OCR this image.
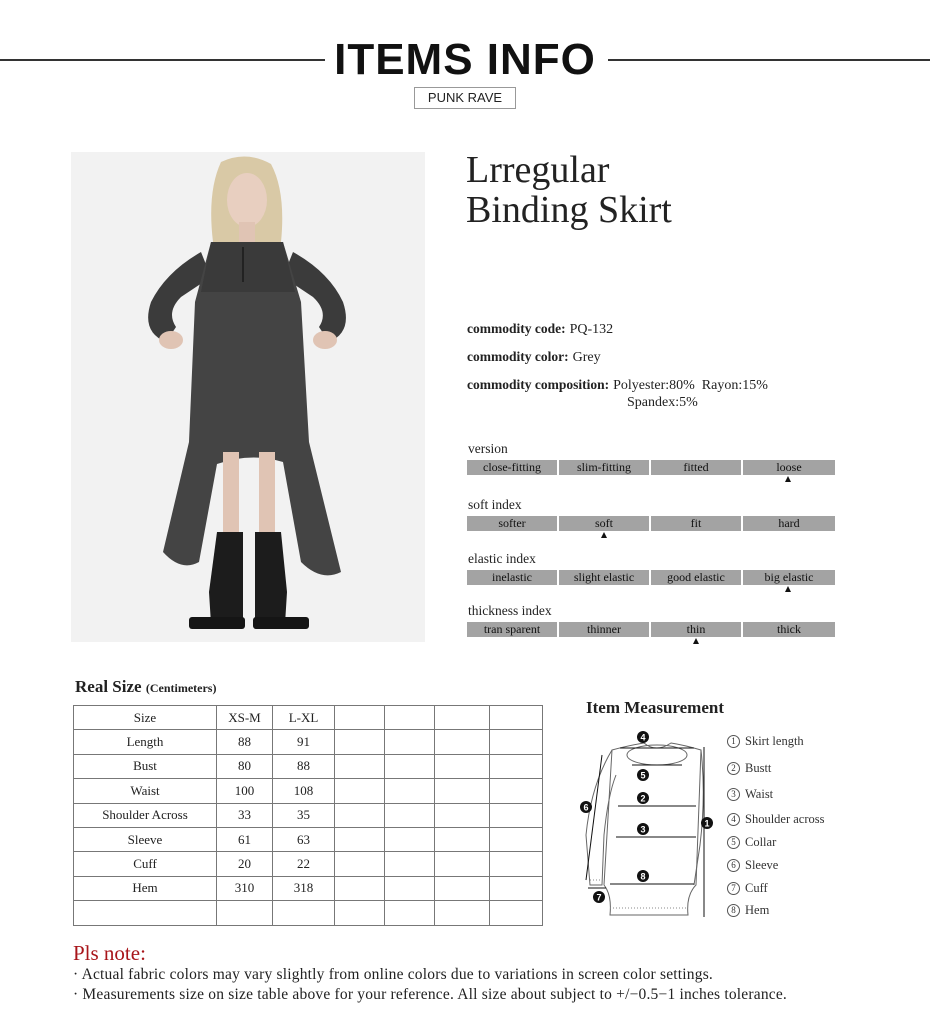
ITEMS INFO
PUNK RAVE
Lrregular
Binding Skirt
commodity code: PQ-132
commodity color: Grey
commodity composition: Polyester:80%  Rayon:15%
Spandex:5%
version
close-fitting	slim-fitting	fitted	loose
soft index
softer	soft	fit	hard
elastic index
inelastic	slight elastic	good elastic	big elastic
thickness index
tran sparent	thinner	thin	thick
Real Size (Centimeters)
Size	XS-M	L-XL				
Length	88	91				
Bust	80	88				
Waist	100	108				
Shoulder Across	33	35				
Sleeve	61	63				
Cuff	20	22				
Hem	310	318				

Item Measurement
4
5
2
3
8
1
6
7
1 Skirt length
2 Bustt
3 Waist
4 Shoulder across
5 Collar
6 Sleeve
7 Cuff
8 Hem
Pls note:
· Actual fabric colors may vary slightly from online colors due to variations in screen color settings.
· Measurements size on size table above for your reference. All size about subject to +/−0.5−1 inches tolerance.
